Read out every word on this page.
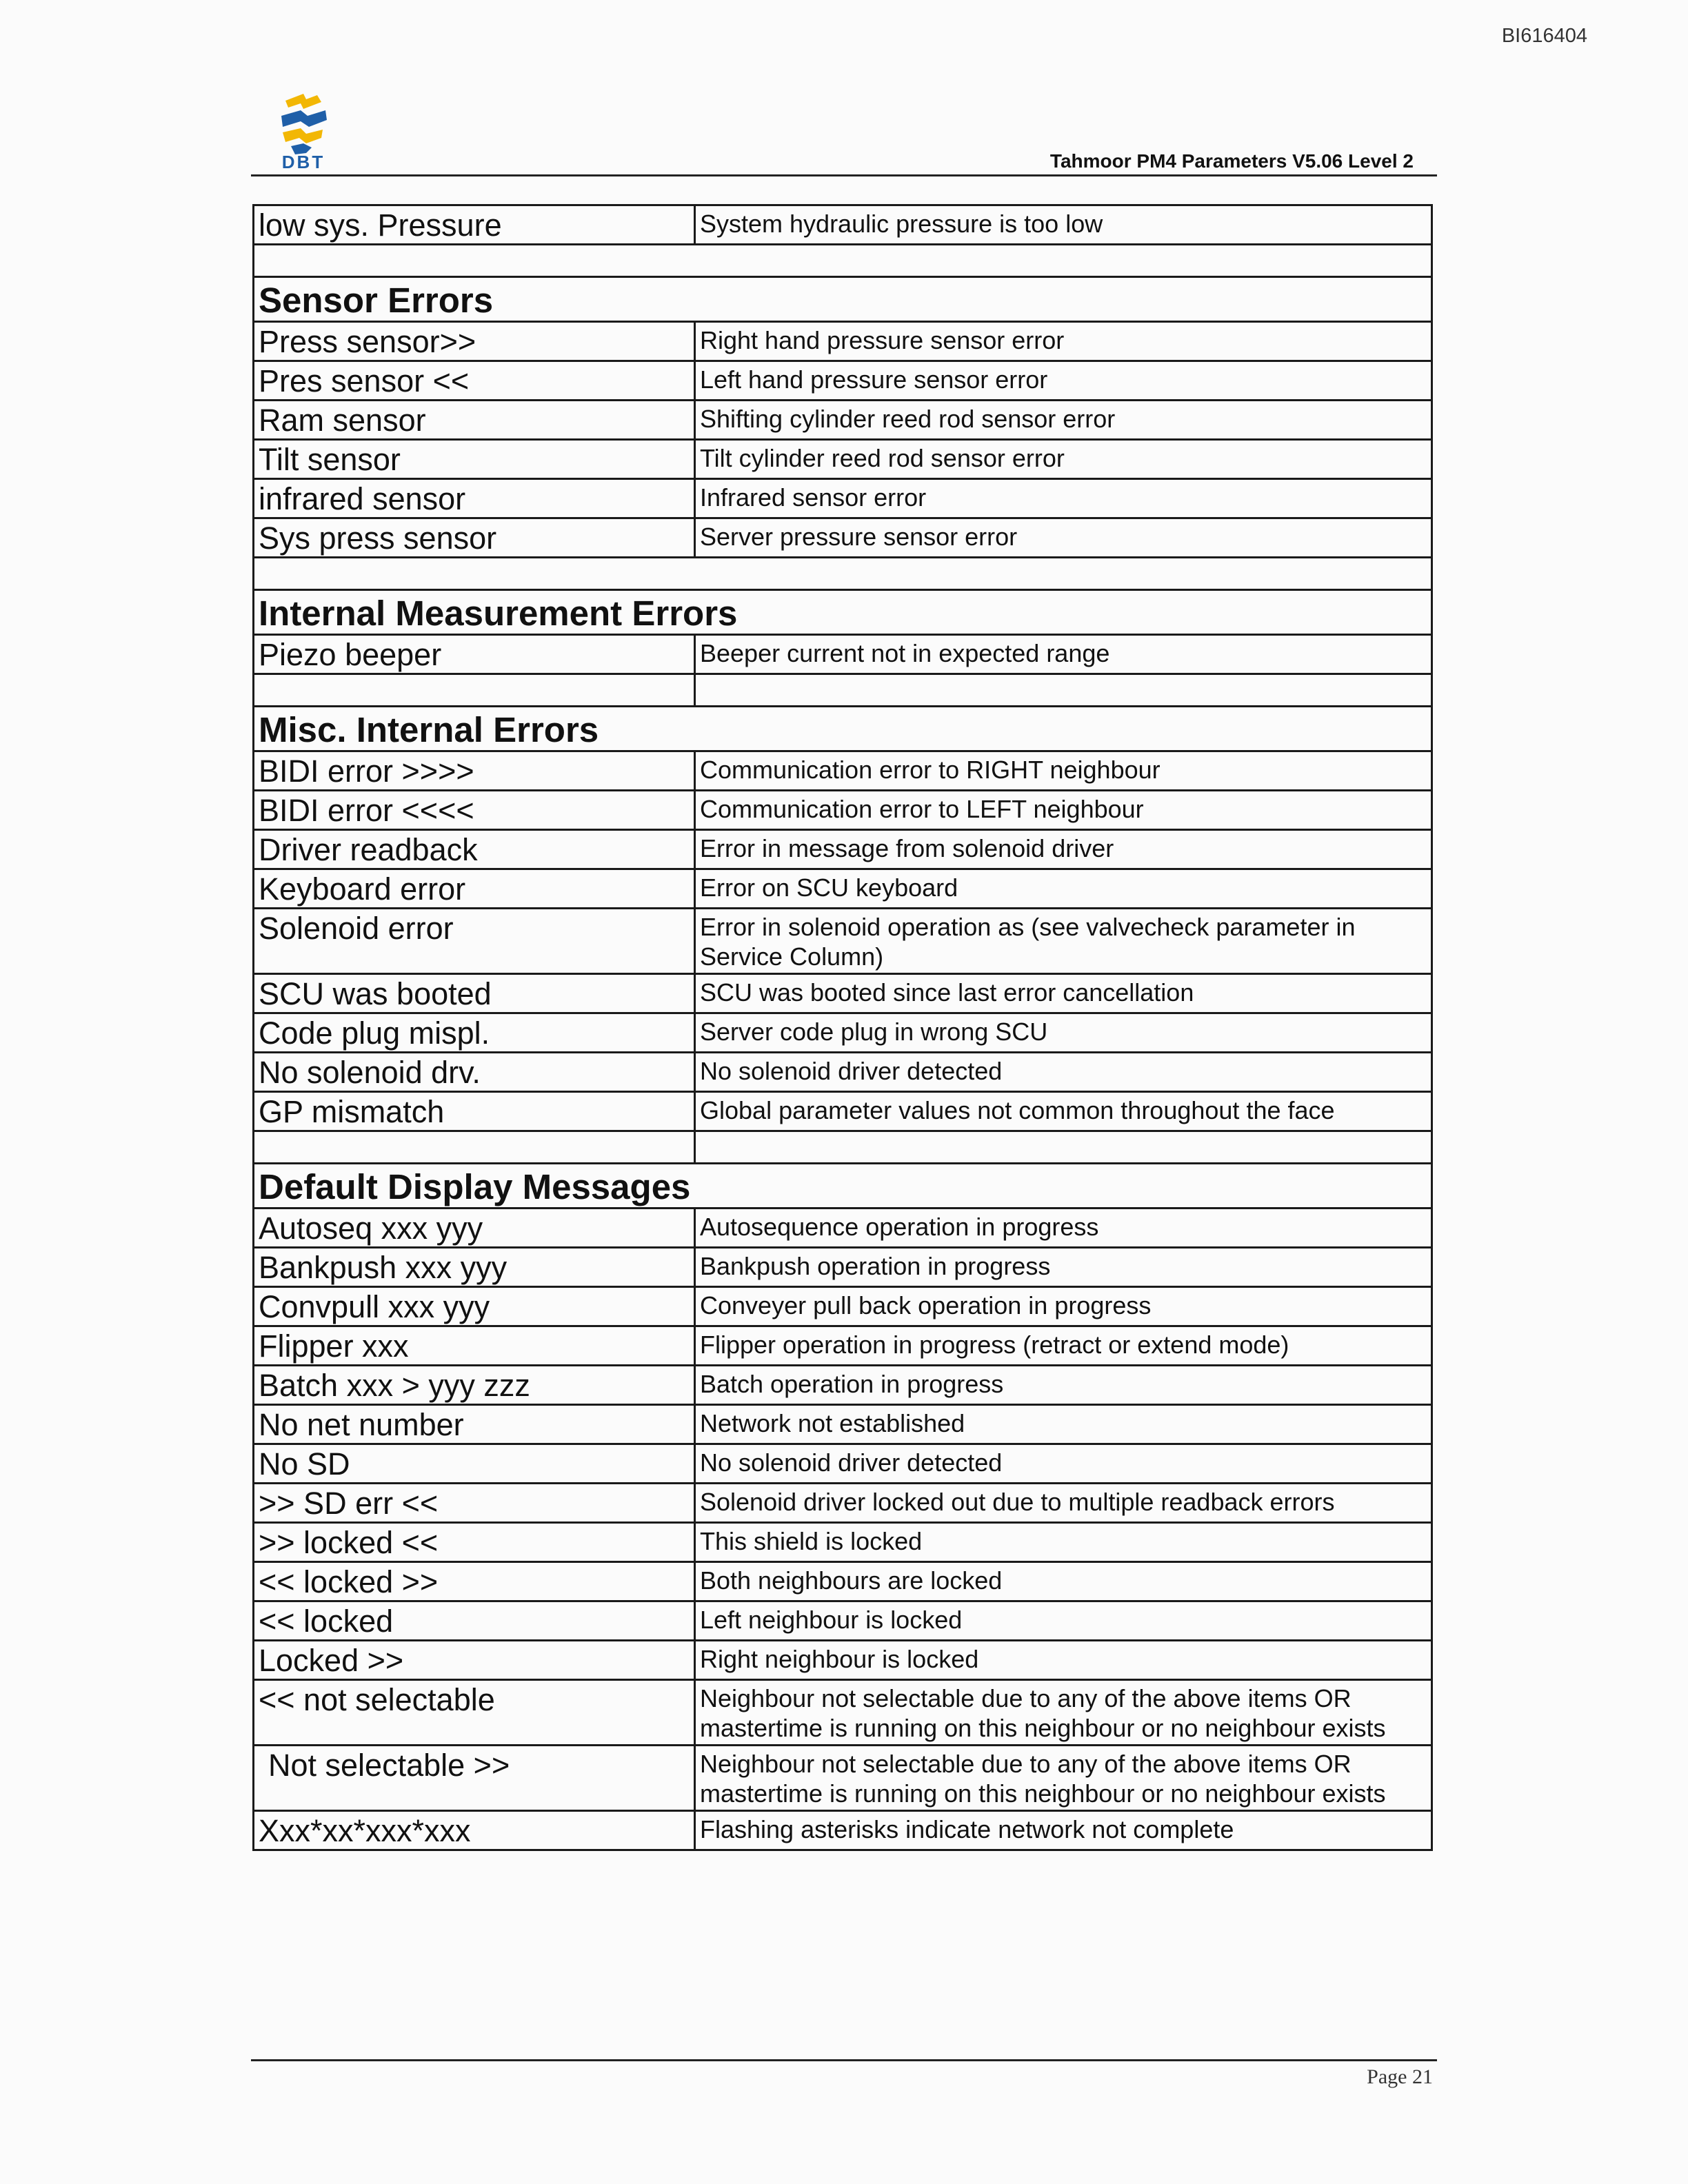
BI616404
DBT	Tahmoor PM4 Parameters V5.06 Level 2
low sys. Pressure	System hydraulic pressure is too low

Sensor Errors	
Press sensor>>	Right hand pressure sensor error
Pres sensor <<	Left hand pressure sensor error
Ram sensor	Shifting cylinder reed rod sensor error
Tilt sensor	Tilt cylinder reed rod sensor error
infrared sensor	Infrared sensor error
Sys press sensor	Server pressure sensor error

Internal Measurement Errors	
Piezo beeper	Beeper current not in expected range

Misc. Internal Errors	
BIDI error >>>>	Communication error to RIGHT neighbour
BIDI error <<<<	Communication error to LEFT neighbour
Driver readback	Error in message from solenoid driver
Keyboard error	Error on SCU keyboard
Solenoid error	Error in solenoid operation as (see valvecheck parameter in Service Column)
SCU was booted	SCU was booted since last error cancellation
Code plug mispl.	Server code plug in wrong SCU
No solenoid drv.	No solenoid driver detected
GP mismatch	Global parameter values not common throughout the face

Default Display Messages	
Autoseq xxx yyy	Autosequence operation in progress
Bankpush xxx yyy	Bankpush operation in progress
Convpull xxx yyy	Conveyer pull back operation in progress
Flipper xxx	Flipper operation in progress (retract or extend mode)
Batch xxx > yyy zzz	Batch operation in progress
No net number	Network not established
No SD	No solenoid driver detected
>> SD err <<	Solenoid driver locked out due to multiple readback errors
>> locked <<	This shield is locked
<< locked >>	Both neighbours are locked
<< locked	Left neighbour is locked
Locked >>	Right neighbour is locked
<< not selectable	Neighbour not selectable due to any of the above items OR mastertime is running on this neighbour or no neighbour exists
Not selectable >>	Neighbour not selectable due to any of the above items OR mastertime is running on this neighbour or no neighbour exists
Xxx*xx*xxx*xxx	Flashing asterisks indicate network not complete
Page 21
